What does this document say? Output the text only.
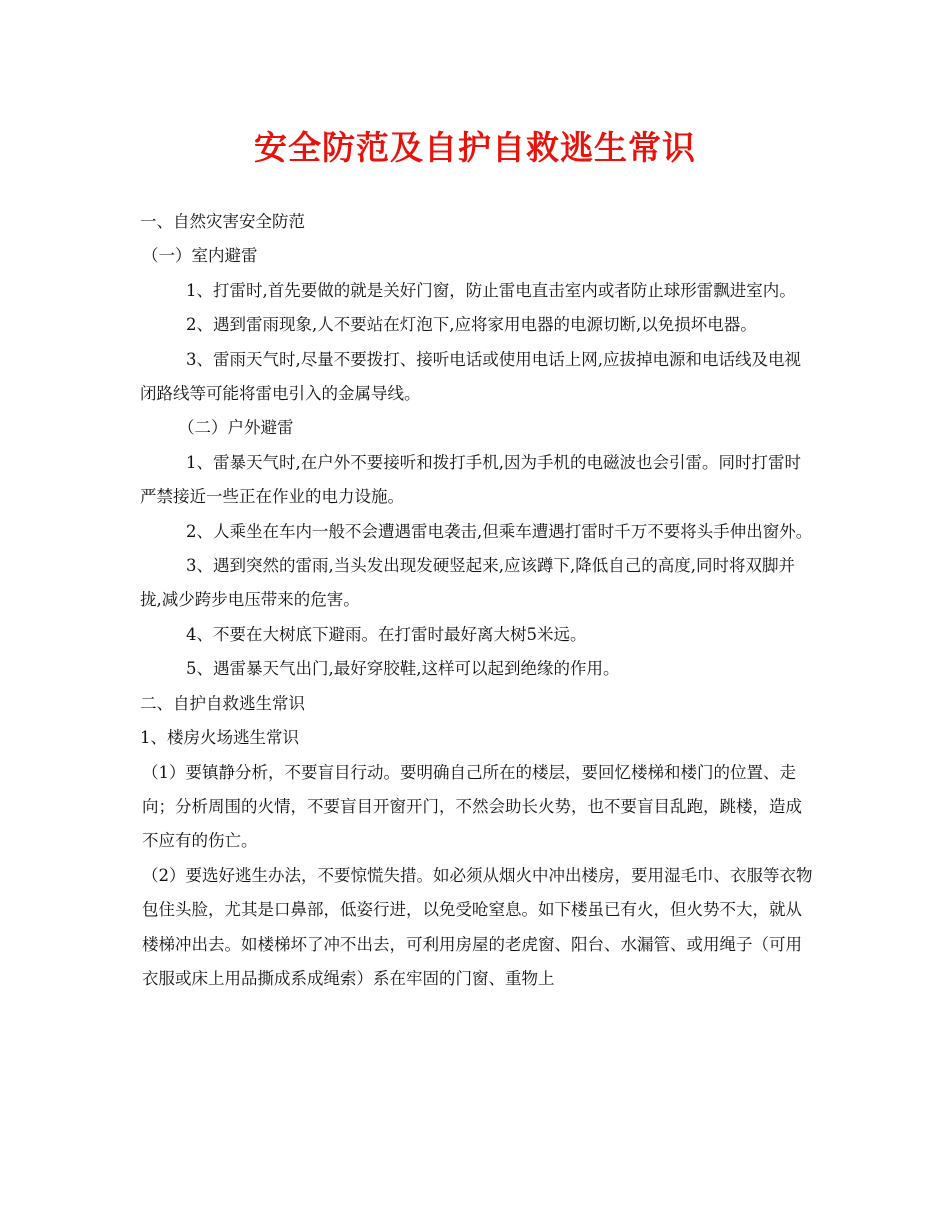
安全防范及自护自救逃生常识

一、自然灾害安全防范

（一）室内避雷

1、打雷时,首先要做的就是关好门窗，防止雷电直击室内或者防止球形雷飘进室内。

2、遇到雷雨现象,人不要站在灯泡下,应将家用电器的电源切断,以免损坏电器。

3、雷雨天气时,尽量不要拨打、接听电话或使用电话上网,应拔掉电源和电话线及电视闭路线等可能将雷电引入的金属导线。

（二）户外避雷

1、雷暴天气时,在户外不要接听和拨打手机,因为手机的电磁波也会引雷。同时打雷时严禁接近一些正在作业的电力设施。

2、人乘坐在车内一般不会遭遇雷电袭击,但乘车遭遇打雷时千万不要将头手伸出窗外。

3、遇到突然的雷雨,当头发出现发硬竖起来,应该蹲下,降低自己的高度,同时将双脚并拢,减少跨步电压带来的危害。

4、不要在大树底下避雨。在打雷时最好离大树5米远。

5、遇雷暴天气出门,最好穿胶鞋,这样可以起到绝缘的作用。

二、自护自救逃生常识

1、楼房火场逃生常识

（1）要镇静分析，不要盲目行动。要明确自己所在的楼层，要回忆楼梯和楼门的位置、走向；分析周围的火情，不要盲目开窗开门，不然会助长火势，也不要盲目乱跑，跳楼，造成不应有的伤亡。

（2）要选好逃生办法，不要惊慌失措。如必须从烟火中冲出楼房，要用湿毛巾、衣服等衣物包住头脸，尤其是口鼻部，低姿行进，以免受呛窒息。如下楼虽已有火，但火势不大，就从楼梯冲出去。如楼梯坏了冲不出去，可利用房屋的老虎窗、阳台、水漏管、或用绳子（可用衣服或床上用品撕成系成绳索）系在牢固的门窗、重物上
